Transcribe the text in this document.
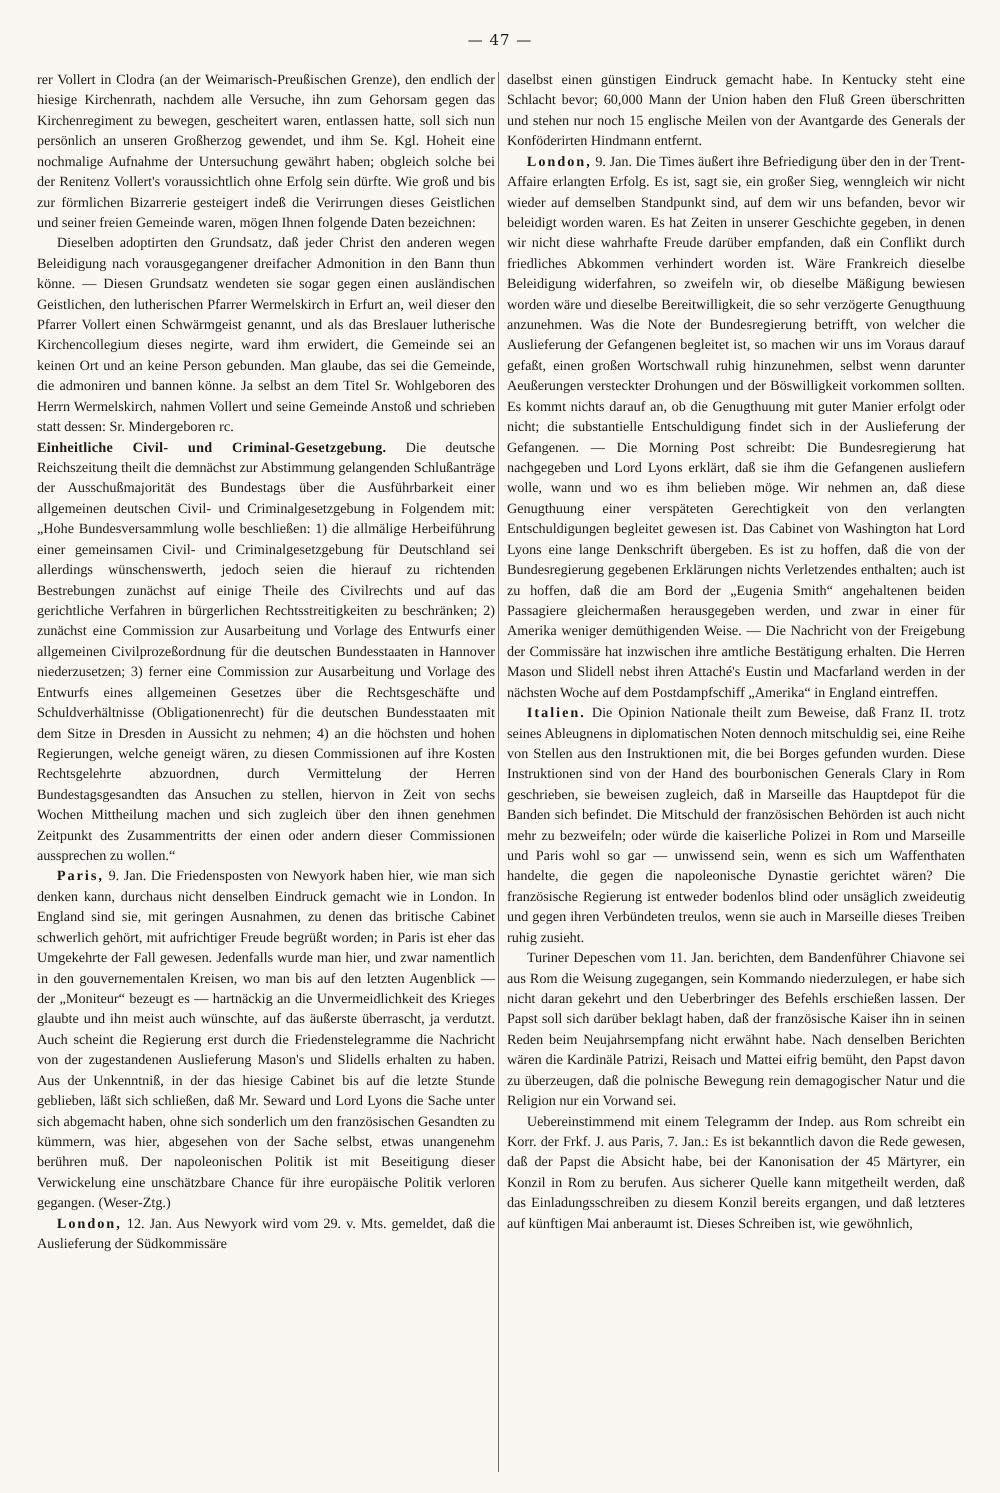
— 47 —

rer Vollert in Clodra (an der Weimarisch-Preußischen Grenze), den endlich der hiesige Kirchenrath, nachdem alle Versuche, ihn zum Gehorsam gegen das Kirchenregiment zu bewegen, gescheitert waren, entlassen hatte, soll sich nun persönlich an unseren Großherzog gewendet, und ihm Se. Kgl. Hoheit eine nochmalige Aufnahme der Untersuchung gewährt haben; obgleich solche bei der Renitenz Vollert's voraussichtlich ohne Erfolg sein dürfte. Wie groß und bis zur förmlichen Bizarrerie gesteigert indeß die Verirrungen dieses Geistlichen und seiner freien Gemeinde waren, mögen Ihnen folgende Daten bezeichnen:

Dieselben adoptirten den Grundsatz, daß jeder Christ den anderen wegen Beleidigung nach vorausgegangener dreifacher Admonition in den Bann thun könne. — Diesen Grundsatz wendeten sie sogar gegen einen ausländischen Geistlichen, den lutherischen Pfarrer Wermelskirch in Erfurt an, weil dieser den Pfarrer Vollert einen Schwärmgeist genannt, und als das Breslauer lutherische Kirchencollegium dieses negirte, ward ihm erwidert, die Gemeinde sei an keinen Ort und an keine Person gebunden. Man glaube, das sei die Gemeinde, die admoniren und bannen könne. Ja selbst an dem Titel Sr. Wohlgeboren des Herrn Wermelskirch, nahmen Vollert und seine Gemeinde Anstoß und schrieben statt dessen: Sr. Mindergeboren rc.

Einheitliche Civil- und Criminal-Gesetzgebung. Die deutsche Reichszeitung theilt die demnächst zur Abstimmung gelangenden Schlußanträge der Ausschußmajorität des Bundestags über die Ausführbarkeit einer allgemeinen deutschen Civil- und Criminalgesetzgebung in Folgendem mit: „Hohe Bundesversammlung wolle beschließen: 1) die allmälige Herbeiführung einer gemeinsamen Civil- und Criminalgesetzgebung für Deutschland sei allerdings wünschenswerth, jedoch seien die hierauf zu richtenden Bestrebungen zunächst auf einige Theile des Civilrechts und auf das gerichtliche Verfahren in bürgerlichen Rechtsstreitigkeiten zu beschränken; 2) zunächst eine Commission zur Ausarbeitung und Vorlage des Entwurfs einer allgemeinen Civilprozeßordnung für die deutschen Bundesstaaten in Hannover niederzusetzen; 3) ferner eine Commission zur Ausarbeitung und Vorlage des Entwurfs eines allgemeinen Gesetzes über die Rechtsgeschäfte und Schuldverhältnisse (Obligationenrecht) für die deutschen Bundesstaaten mit dem Sitze in Dresden in Aussicht zu nehmen; 4) an die höchsten und hohen Regierungen, welche geneigt wären, zu diesen Commissionen auf ihre Kosten Rechtsgelehrte abzuordnen, durch Vermittelung der Herren Bundestagsgesandten das Ansuchen zu stellen, hiervon in Zeit von sechs Wochen Mittheilung machen und sich zugleich über den ihnen genehmen Zeitpunkt des Zusammentritts der einen oder andern dieser Commissionen aussprechen zu wollen.“

Paris, 9. Jan. Die Friedensposten von Newyork haben hier, wie man sich denken kann, durchaus nicht denselben Eindruck gemacht wie in London. In England sind sie, mit geringen Ausnahmen, zu denen das britische Cabinet schwerlich gehört, mit aufrichtiger Freude begrüßt worden; in Paris ist eher das Umgekehrte der Fall gewesen. Jedenfalls wurde man hier, und zwar namentlich in den gouvernementalen Kreisen, wo man bis auf den letzten Augenblick — der „Moniteur“ bezeugt es — hartnäckig an die Unvermeidlichkeit des Krieges glaubte und ihn meist auch wünschte, auf das äußerste überrascht, ja verdutzt. Auch scheint die Regierung erst durch die Friedenstelegramme die Nachricht von der zugestandenen Auslieferung Mason's und Slidells erhalten zu haben. Aus der Unkenntniß, in der das hiesige Cabinet bis auf die letzte Stunde geblieben, läßt sich schließen, daß Mr. Seward und Lord Lyons die Sache unter sich abgemacht haben, ohne sich sonderlich um den französischen Gesandten zu kümmern, was hier, abgesehen von der Sache selbst, etwas unangenehm berühren muß. Der napoleonischen Politik ist mit Beseitigung dieser Verwickelung eine unschätzbare Chance für ihre europäische Politik verloren gegangen. (Weser-Ztg.)

London, 12. Jan. Aus Newyork wird vom 29. v. Mts. gemeldet, daß die Auslieferung der Südkommissäre

daselbst einen günstigen Eindruck gemacht habe. In Kentucky steht eine Schlacht bevor; 60,000 Mann der Union haben den Fluß Green überschritten und stehen nur noch 15 englische Meilen von der Avantgarde des Generals der Konföderirten Hindmann entfernt.

London, 9. Jan. Die Times äußert ihre Befriedigung über den in der Trent-Affaire erlangten Erfolg. Es ist, sagt sie, ein großer Sieg, wenngleich wir nicht wieder auf demselben Standpunkt sind, auf dem wir uns befanden, bevor wir beleidigt worden waren. Es hat Zeiten in unserer Geschichte gegeben, in denen wir nicht diese wahrhafte Freude darüber empfanden, daß ein Conflikt durch friedliches Abkommen verhindert worden ist. Wäre Frankreich dieselbe Beleidigung widerfahren, so zweifeln wir, ob dieselbe Mäßigung bewiesen worden wäre und dieselbe Bereitwilligkeit, die so sehr verzögerte Genugthuung anzunehmen. Was die Note der Bundesregierung betrifft, von welcher die Auslieferung der Gefangenen begleitet ist, so machen wir uns im Voraus darauf gefaßt, einen großen Wortschwall ruhig hinzunehmen, selbst wenn darunter Aeußerungen versteckter Drohungen und der Böswilligkeit vorkommen sollten. Es kommt nichts darauf an, ob die Genugthuung mit guter Manier erfolgt oder nicht; die substantielle Entschuldigung findet sich in der Auslieferung der Gefangenen. — Die Morning Post schreibt: Die Bundesregierung hat nachgegeben und Lord Lyons erklärt, daß sie ihm die Gefangenen ausliefern wolle, wann und wo es ihm belieben möge. Wir nehmen an, daß diese Genugthuung einer verspäteten Gerechtigkeit von den verlangten Entschuldigungen begleitet gewesen ist. Das Cabinet von Washington hat Lord Lyons eine lange Denkschrift übergeben. Es ist zu hoffen, daß die von der Bundesregierung gegebenen Erklärungen nichts Verletzendes enthalten; auch ist zu hoffen, daß die am Bord der „Eugenia Smith“ angehaltenen beiden Passagiere gleichermaßen herausgegeben werden, und zwar in einer für Amerika weniger demüthigenden Weise. — Die Nachricht von der Freigebung der Commissäre hat inzwischen ihre amtliche Bestätigung erhalten. Die Herren Mason und Slidell nebst ihren Attaché's Eustin und Macfarland werden in der nächsten Woche auf dem Postdampfschiff „Amerika“ in England eintreffen.

Italien. Die Opinion Nationale theilt zum Beweise, daß Franz II. trotz seines Ableugnens in diplomatischen Noten dennoch mitschuldig sei, eine Reihe von Stellen aus den Instruktionen mit, die bei Borges gefunden wurden. Diese Instruktionen sind von der Hand des bourbonischen Generals Clary in Rom geschrieben, sie beweisen zugleich, daß in Marseille das Hauptdepot für die Banden sich befindet. Die Mitschuld der französischen Behörden ist auch nicht mehr zu bezweifeln; oder würde die kaiserliche Polizei in Rom und Marseille und Paris wohl so gar — unwissend sein, wenn es sich um Waffenthaten handelte, die gegen die napoleonische Dynastie gerichtet wären? Die französische Regierung ist entweder bodenlos blind oder unsäglich zweideutig und gegen ihren Verbündeten treulos, wenn sie auch in Marseille dieses Treiben ruhig zusieht.

Turiner Depeschen vom 11. Jan. berichten, dem Bandenführer Chiavone sei aus Rom die Weisung zugegangen, sein Kommando niederzulegen, er habe sich nicht daran gekehrt und den Ueberbringer des Befehls erschießen lassen. Der Papst soll sich darüber beklagt haben, daß der französische Kaiser ihn in seinen Reden beim Neujahrsempfang nicht erwähnt habe. Nach denselben Berichten wären die Kardinäle Patrizi, Reisach und Mattei eifrig bemüht, den Papst davon zu überzeugen, daß die polnische Bewegung rein demagogischer Natur und die Religion nur ein Vorwand sei.

Uebereinstimmend mit einem Telegramm der Indep. aus Rom schreibt ein Korr. der Frkf. J. aus Paris, 7. Jan.: Es ist bekanntlich davon die Rede gewesen, daß der Papst die Absicht habe, bei der Kanonisation der 45 Märtyrer, ein Konzil in Rom zu berufen. Aus sicherer Quelle kann mitgetheilt werden, daß das Einladungsschreiben zu diesem Konzil bereits ergangen, und daß letzteres auf künftigen Mai anberaumt ist. Dieses Schreiben ist, wie gewöhnlich,
